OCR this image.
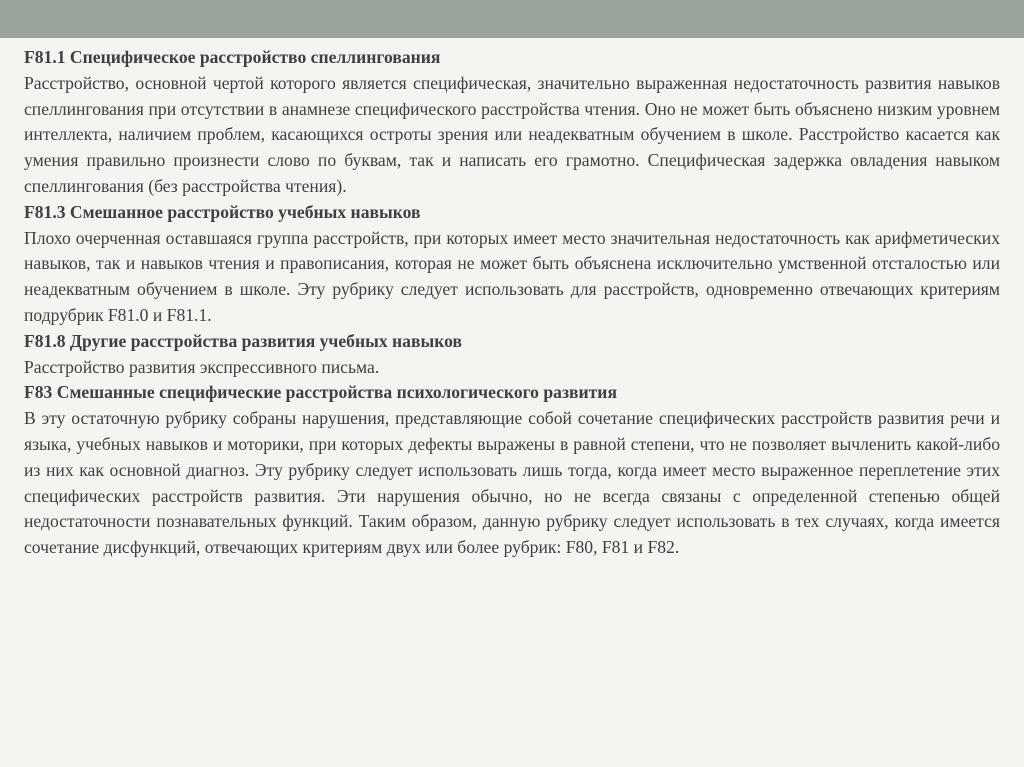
F81.1 Специфическое расстройство спеллингования

Расстройство, основной чертой которого является специфическая, значительно выраженная недостаточность развития навыков спеллингования при отсутствии в анамнезе специфического расстройства чтения. Оно не может быть объяснено низким уровнем интеллекта, наличием проблем, касающихся остроты зрения или неадекватным обучением в школе. Расстройство касается как умения правильно произнести слово по буквам, так и написать его грамотно. Специфическая задержка овладения навыком спеллингования (без расстройства чтения).

F81.3 Смешанное расстройство учебных навыков

Плохо очерченная оставшаяся группа расстройств, при которых имеет место значительная недостаточность как арифметических навыков, так и навыков чтения и правописания, которая не может быть объяснена исключительно умственной отсталостью или неадекватным обучением в школе. Эту рубрику следует использовать для расстройств, одновременно отвечающих критериям подрубрик F81.0 и F81.1.

F81.8 Другие расстройства развития учебных навыков

Расстройство развития экспрессивного письма.

F83 Смешанные специфические расстройства психологического развития

В эту остаточную рубрику собраны нарушения, представляющие собой сочетание специфических расстройств развития речи и языка, учебных навыков и моторики, при которых дефекты выражены в равной степени, что не позволяет вычленить какой-либо из них как основной диагноз. Эту рубрику следует использовать лишь тогда, когда имеет место выраженное переплетение этих специфических расстройств развития. Эти нарушения обычно, но не всегда связаны с определенной степенью общей недостаточности познавательных функций. Таким образом, данную рубрику следует использовать в тех случаях, когда имеется сочетание дисфункций, отвечающих критериям двух или более рубрик: F80, F81 и F82.
